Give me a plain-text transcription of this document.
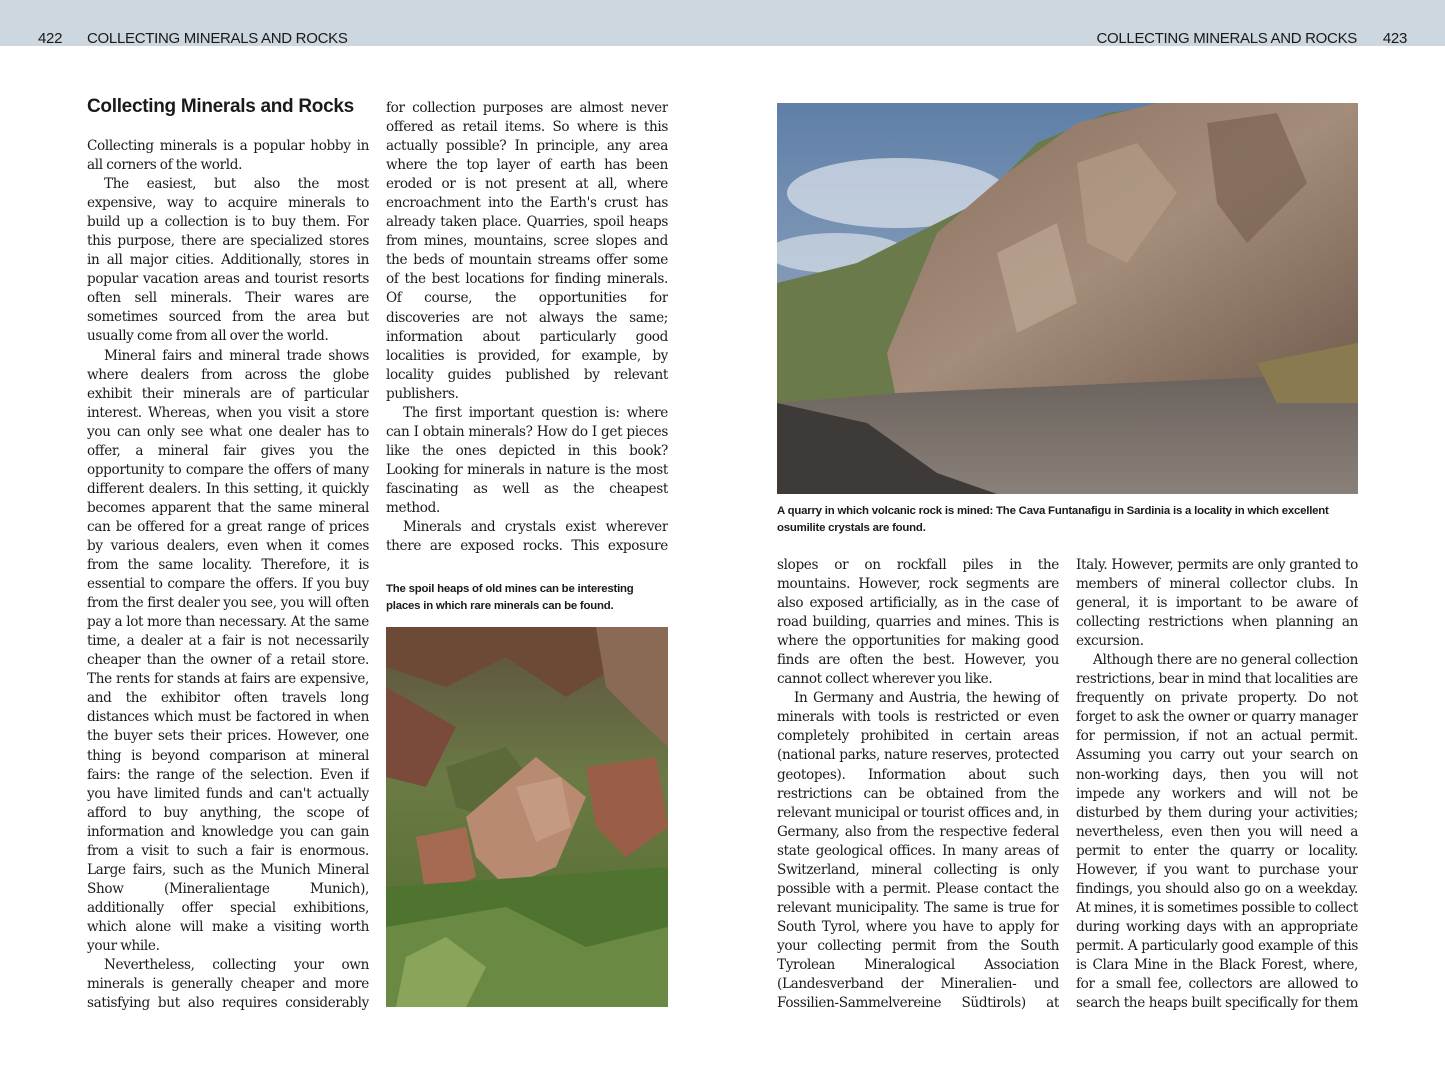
422 COLLECTING MINERALS AND ROCKS	COLLECTING MINERALS AND ROCKS 423
Collecting Minerals and Rocks

Collecting minerals is a popular hobby in all corners of the world.

The easiest, but also the most expensive, way to acquire minerals to build up a collection is to buy them. For this purpose, there are specialized stores in all major cities. Additionally, stores in popular vacation areas and tourist resorts often sell minerals. Their wares are sometimes sourced from the area but usually come from all over the world.

Mineral fairs and mineral trade shows where dealers from across the globe exhibit their minerals are of particular interest. Whereas, when you visit a store you can only see what one dealer has to offer, a mineral fair gives you the opportunity to compare the offers of many different dealers. In this setting, it quickly becomes apparent that the same mineral can be offered for a great range of prices by various dealers, even when it comes from the same locality. Therefore, it is essential to compare the offers. If you buy from the first dealer you see, you will often pay a lot more than necessary. At the same time, a dealer at a fair is not necessarily cheaper than the owner of a retail store. The rents for stands at fairs are expensive, and the exhibitor often travels long distances which must be factored in when the buyer sets their prices. However, one thing is beyond comparison at mineral fairs: the range of the selection. Even if you have limited funds and can't actually afford to buy anything, the scope of information and knowledge you can gain from a visit to such a fair is enormous. Large fairs, such as the Munich Mineral Show (Mineralientage Munich), additionally offer special exhibitions, which alone will make a visiting worth your while.

Nevertheless, collecting your own minerals is generally cheaper and more satisfying but also requires considerably

for collection purposes are almost never offered as retail items. So where is this actually possible? In principle, any area where the top layer of earth has been eroded or is not present at all, where encroachment into the Earth's crust has already taken place. Quarries, spoil heaps from mines, mountains, scree slopes and the beds of mountain streams offer some of the best locations for finding minerals. Of course, the opportunities for discoveries are not always the same; information about particularly good localities is provided, for example, by locality guides published by relevant publishers.

The first important question is: where can I obtain minerals? How do I get pieces like the ones depicted in this book? Looking for minerals in nature is the most fascinating as well as the cheapest method.

Minerals and crystals exist wherever there are exposed rocks. This exposure

The spoil heaps of old mines can be interesting places in which rare minerals can be found.

A quarry in which volcanic rock is mined: The Cava Funtanafigu in Sardinia is a locality in which excellent osumilite crystals are found.

slopes or on rockfall piles in the mountains. However, rock segments are also exposed artificially, as in the case of road building, quarries and mines. This is where the opportunities for making good finds are often the best. However, you cannot collect wherever you like.

In Germany and Austria, the hewing of minerals with tools is restricted or even completely prohibited in certain areas (national parks, nature reserves, protected geotopes). Information about such restrictions can be obtained from the relevant municipal or tourist offices and, in Germany, also from the respective federal state geological offices. In many areas of Switzerland, mineral collecting is only possible with a permit. Please contact the relevant municipality. The same is true for South Tyrol, where you have to apply for your collecting permit from the South Tyrolean Mineralogical Association (Landesverband der Mineralien- und Fossilien-Sammelvereine Südtirols) at

Italy. However, permits are only granted to members of mineral collector clubs. In general, it is important to be aware of collecting restrictions when planning an excursion.

Although there are no general collection restrictions, bear in mind that localities are frequently on private property. Do not forget to ask the owner or quarry manager for permission, if not an actual permit. Assuming you carry out your search on non-working days, then you will not impede any workers and will not be disturbed by them during your activities; nevertheless, even then you will need a permit to enter the quarry or locality. However, if you want to purchase your findings, you should also go on a weekday. At mines, it is sometimes possible to collect during working days with an appropriate permit. A particularly good example of this is Clara Mine in the Black Forest, where, for a small fee, collectors are allowed to search the heaps built specifically for them
